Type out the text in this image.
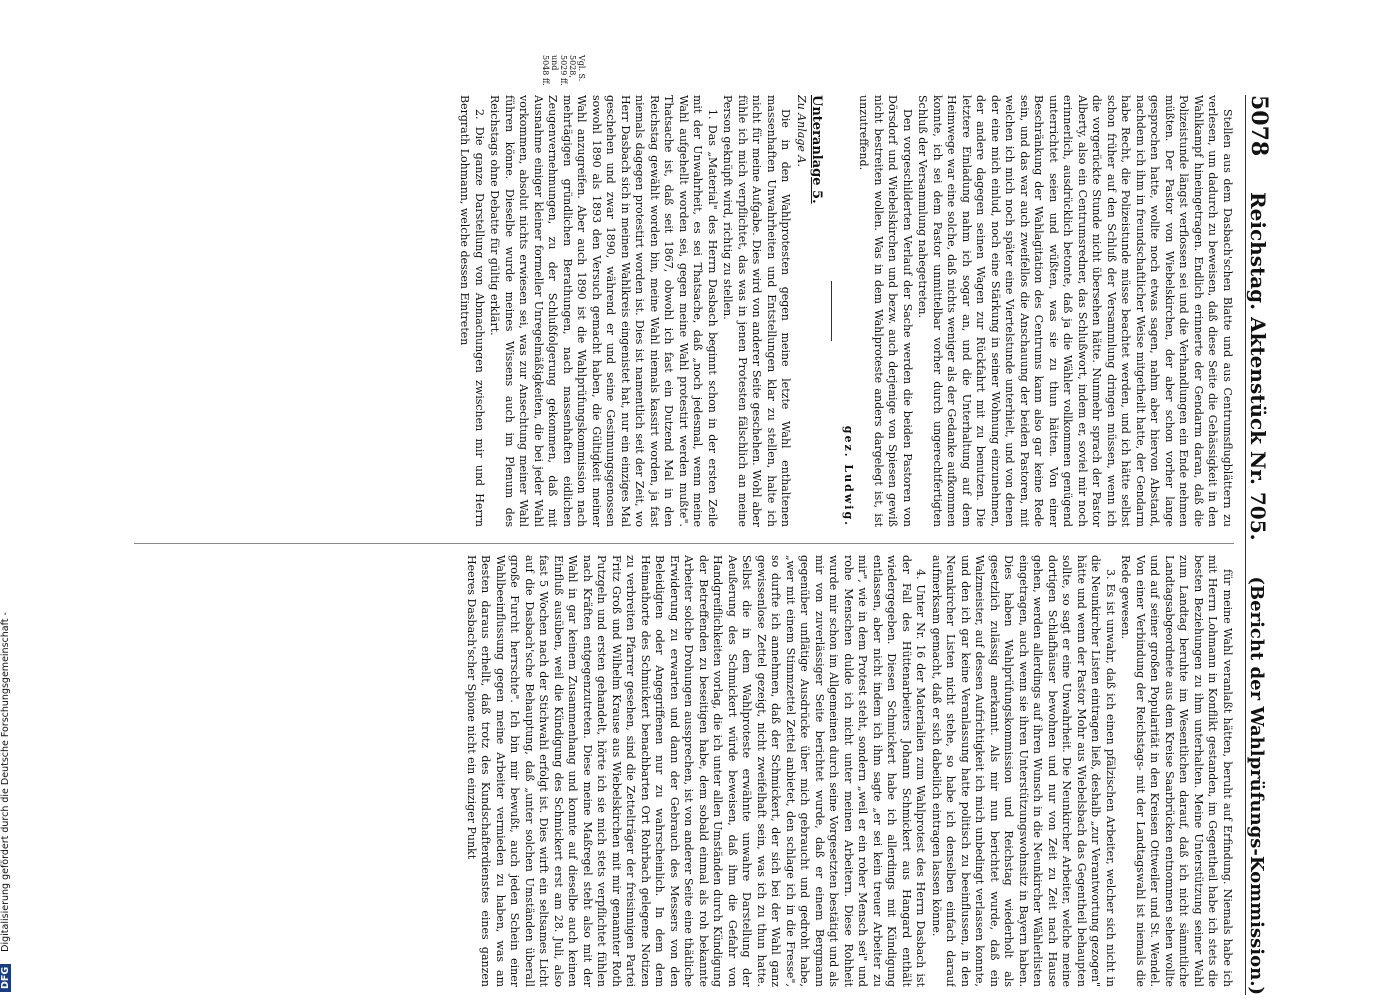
DFGDigitalisierung gefördert durch die Deutsche Forschungsgemeinschaft -
5078
Reichstag. Aktenstück Nr. 705.
(Bericht der Wahlprüfungs-Kommission.)

Stellen aus dem Dasbach'schen Blatte und aus Centrumsflugblättern zu verlesen, um dadurch zu beweisen, daß diese Seite die Gehässigkeit in den Wahlkampf hineingetragen. Endlich erinnerte der Gendarm daran, daß die Polizeistunde längst verflossen sei und die Verhandlungen ein Ende nehmen müßten. Der Pastor von Wiebelskirchen, der aber schon vorher lange gesprochen hatte, wollte noch etwas sagen, nahm aber hiervon Abstand, nachdem ich ihm in freundschaftlicher Weise mitgetheilt hatte, der Gendarm habe Recht, die Polizeistunde müsse beachtet werden, und ich hätte selbst schon früher auf den Schluß der Versammlung dringen müssen, wenn ich die vorgerückte Stunde nicht übersehen hätte. Nunmehr sprach der Pastor Alberty, also ein Centrumsredner, das Schlußwort, indem er, soviel mir noch erinnerlich, ausdrücklich betonte, daß ja die Wähler vollkommen genügend unterrichtet seien und wüßten, was sie zu thun hätten. Von einer Beschränkung der Wahlagitation des Centrums kann also gar keine Rede sein, und das war auch zweifellos die Anschauung der beiden Pastoren, mit welchen ich mich noch später eine Viertelstunde unterhielt, und von denen der eine mich einlud, noch eine Stärkung in seiner Wohnung einzunehmen, der andere dagegen seinen Wagen zur Rückfahrt mit zu benutzen. Die letztere Einladung nahm ich sogar an, und die Unterhaltung auf dem Heimwege war eine solche, daß nichts weniger als der Gedanke aufkommen konnte, ich sei dem Pastor unmittelbar vorher durch ungerechtfertigten Schluß der Versammlung nahegetreten.

Den vorgeschilderten Verlauf der Sache werden die beiden Pastoren von Dörsdorf und Wiebelskirchen und bezw. auch derjenige von Spiesen gewiß nicht bestreiten wollen. Was in dem Wahlproteste anders dargelegt ist, ist unzutreffend.

gez. Ludwig.

Unteranlage 5.

Zu Anlage A.

Die in den Wahlprotesten gegen meine letzte Wahl enthaltenen massenhaften Unwahrheiten und Entstellungen klar zu stellen, halte ich nicht für meine Aufgabe. Dies wird von anderer Seite geschehen. Wohl aber fühle ich mich verpflichtet, das was in jenen Protesten fälschlich an meine Person geknüpft wird, richtig zu stellen.

1. Das „Material" des Herrn Dasbach beginnt schon in der ersten Zeile mit der Unwahrheit, es sei Thatsache, daß „noch jedesmal, wenn meine Wahl aufgehellt worden sei, gegen meine Wahl protestirt werden mußte". Thatsache ist, daß seit 1867, obwohl ich fast ein Dutzend Mal in den Reichstag gewählt worden bin, meine Wahl niemals kassirt worden, ja fast niemals dagegen protestirt worden ist. Dies ist namentlich seit der Zeit, wo Herr Dasbach sich in meinen Wahlkreis eingenistet hat, nur ein einziges Mal geschehen und zwar 1890, während er und seine Gesinnungsgenossen sowohl 1890 als 1893 den Versuch gemacht haben, die Gültigkeit meiner Wahl anzugreifen. Aber auch 1890 ist die Wahlprüfungskommission nach mehrtägigen gründlichen Berathungen, nach massenhaften eidlichen Zeugenvernehmungen, zu der Schlußfolgerung gekommen, daß mit Ausnahme einiger kleiner formeller Unregelmäßigkeiten, die bei jeder Wahl vorkommen, absolut nichts erwiesen sei, was zur Ansechtung meiner Wahl führen könne. Dieselbe wurde meines Wissens auch im Plenum des Reichstags ohne Debatte für gültig erklärt.

2. Die ganze Darstellung von Abmachungen zwischen mir und Herrn Bergrath Lohmann, welche dessen Eintreten

Vgl. S. 5028, 5029 ff. und 5048 ff.

für meine Wahl veranlaßt hätten, beruht auf Erfindung. Niemals habe ich mit Herrn Lohmann in Konflikt gestanden, im Gegentheil habe ich stets die besten Beziehungen zu ihm unterhalten. Meine Unterstützung seiner Wahl zum Landtag beruhte im Wesentlichen darauf, daß ich nicht sämmtliche Landtagsabgeordnete aus dem Kreise Saarbrücken entnommen sehen wollte und auf seiner großen Popularität in den Kreisen Ottweiler und St. Wendel. Von einer Verbindung der Reichstags- mit der Landtagswahl ist niemals die Rede gewesen.

3. Es ist unwahr, daß ich einen pfälzischen Arbeiter, welcher sich nicht in die Neunkircher Listen eintragen ließ, deshalb „zur Verantwortung gezogen" hätte und wenn der Pastor Mohr aus Wiebelsbach das Gegentheil behaupten sollte, so sagt er eine Unwahrheit. Die Neunkircher Arbeiter, welche meine dortigen Schlafhäuser bewohnen und nur von Zeit zu Zeit nach Hause gehen, werden allerdings auf ihren Wunsch in die Neunkircher Wählerlisten eingetragen, auch wenn sie ihren Unterstützungswohnsitz in Bayern haben. Dies haben Wahlprüfungskommission und Reichstag wiederholt als gesetzlich zulässig anerkannt. Als mir nun berichtet wurde, daß ein Walzmeister, auf dessen Aufrichtigkeit ich mich unbedingt verlassen konnte, und den ich gar keine Veranlassung hatte politisch zu beeinflussen, in den Neunkircher Listen nicht stehe, so habe ich denselben einfach darauf aufmerksam gemacht, daß er sich dabeilich eintragen lassen könne.

4. Unter Nr. 16 der Materialien zum Wahlprotest des Herrn Dasbach ist der Fall des Hüttenarbeiters Johann Schmickert aus Hangard enthält wiedergegeben. Diesen Schmickert habe ich allerdings mit Kündigung entlassen, aber nicht indem ich ihm sagte „er sei kein treuer Arbeiter zu mir", wie in dem Protest steht, sondern „weil er ein roher Mensch sei" und rohe Menschen dulde ich nicht unter meinen Arbeitern. Diese Rohheit wurde mir schon im Allgemeinen durch seine Vorgesetzten bestätigt und als mir von zuverlässiger Seite berichtet wurde, daß er einem Bergmann gegenüber unflätige Ausdrücke über mich gebraucht und gedroht habe, „wer mit einem Stimmzettel Zettel anbietet, den schlage ich in die Fresse", so durfte ich annehmen, daß der Schmickert, der sich bei der Wahl ganz gewissenlose Zettel gezeigt, nicht zweifelhaft sein, was ich zu thun hatte. Selbst die in dem Wahlproteste erwähnte unwahre Darstellung der Aeußerung des Schmickert würde beweisen, daß ihm die Gefahr von Handgreiflichkeiten vorlag, die ich unter allen Umständen durch Kündigung der Betreffenden zu beseitigen habe, dem sobald einmal als roh bekannte Arbeiter solche Drohungen aussprechen, ist von anderer Seite eine thätliche Erwiderung zu erwarten und dann der Gebrauch des Messers von den Beleidigten oder Angegriffenen nur zu wahrscheinlich. In dem dem Heimathorte des Schmickert benachbarten Ort Rohrbach gelegene Notizen zu verbreiten Pfarrer gesehen, sind die Zettelträger der freisinnigen Partei Fritz Groß und Wilhelm Krause aus Wiebelskirchen mit mir genannter Roth Putzgeln und ersten gehandelt, hörte ich sie mich stets verpflichtet fühlen nach Kräften entgegenzutreten. Diese meine Maßregel steht also mit der Wahl in gar keinem Zusammenhang und konnte auf dieselbe auch keinen Einfluß ausüben, weil die Kündigung des Schmickert erst am 28. Juli, also fast 5 Wochen nach der Stichwahl erfolgt ist. Dies wirft ein seltsames Licht auf die Dasbach'sche Behauptung, daß „unter solchen Umständen überall große Furcht herrschte". Ich bin mir bewußt, auch jeden Schein einer Wahlbeeinflussung gegen meine Arbeiter vermieden zu haben, was am Besten daraus erhellt, daß trotz des Kundschafterdienstes eines ganzen Heeres Dasbach'scher Spione nicht ein einziger Punkt
